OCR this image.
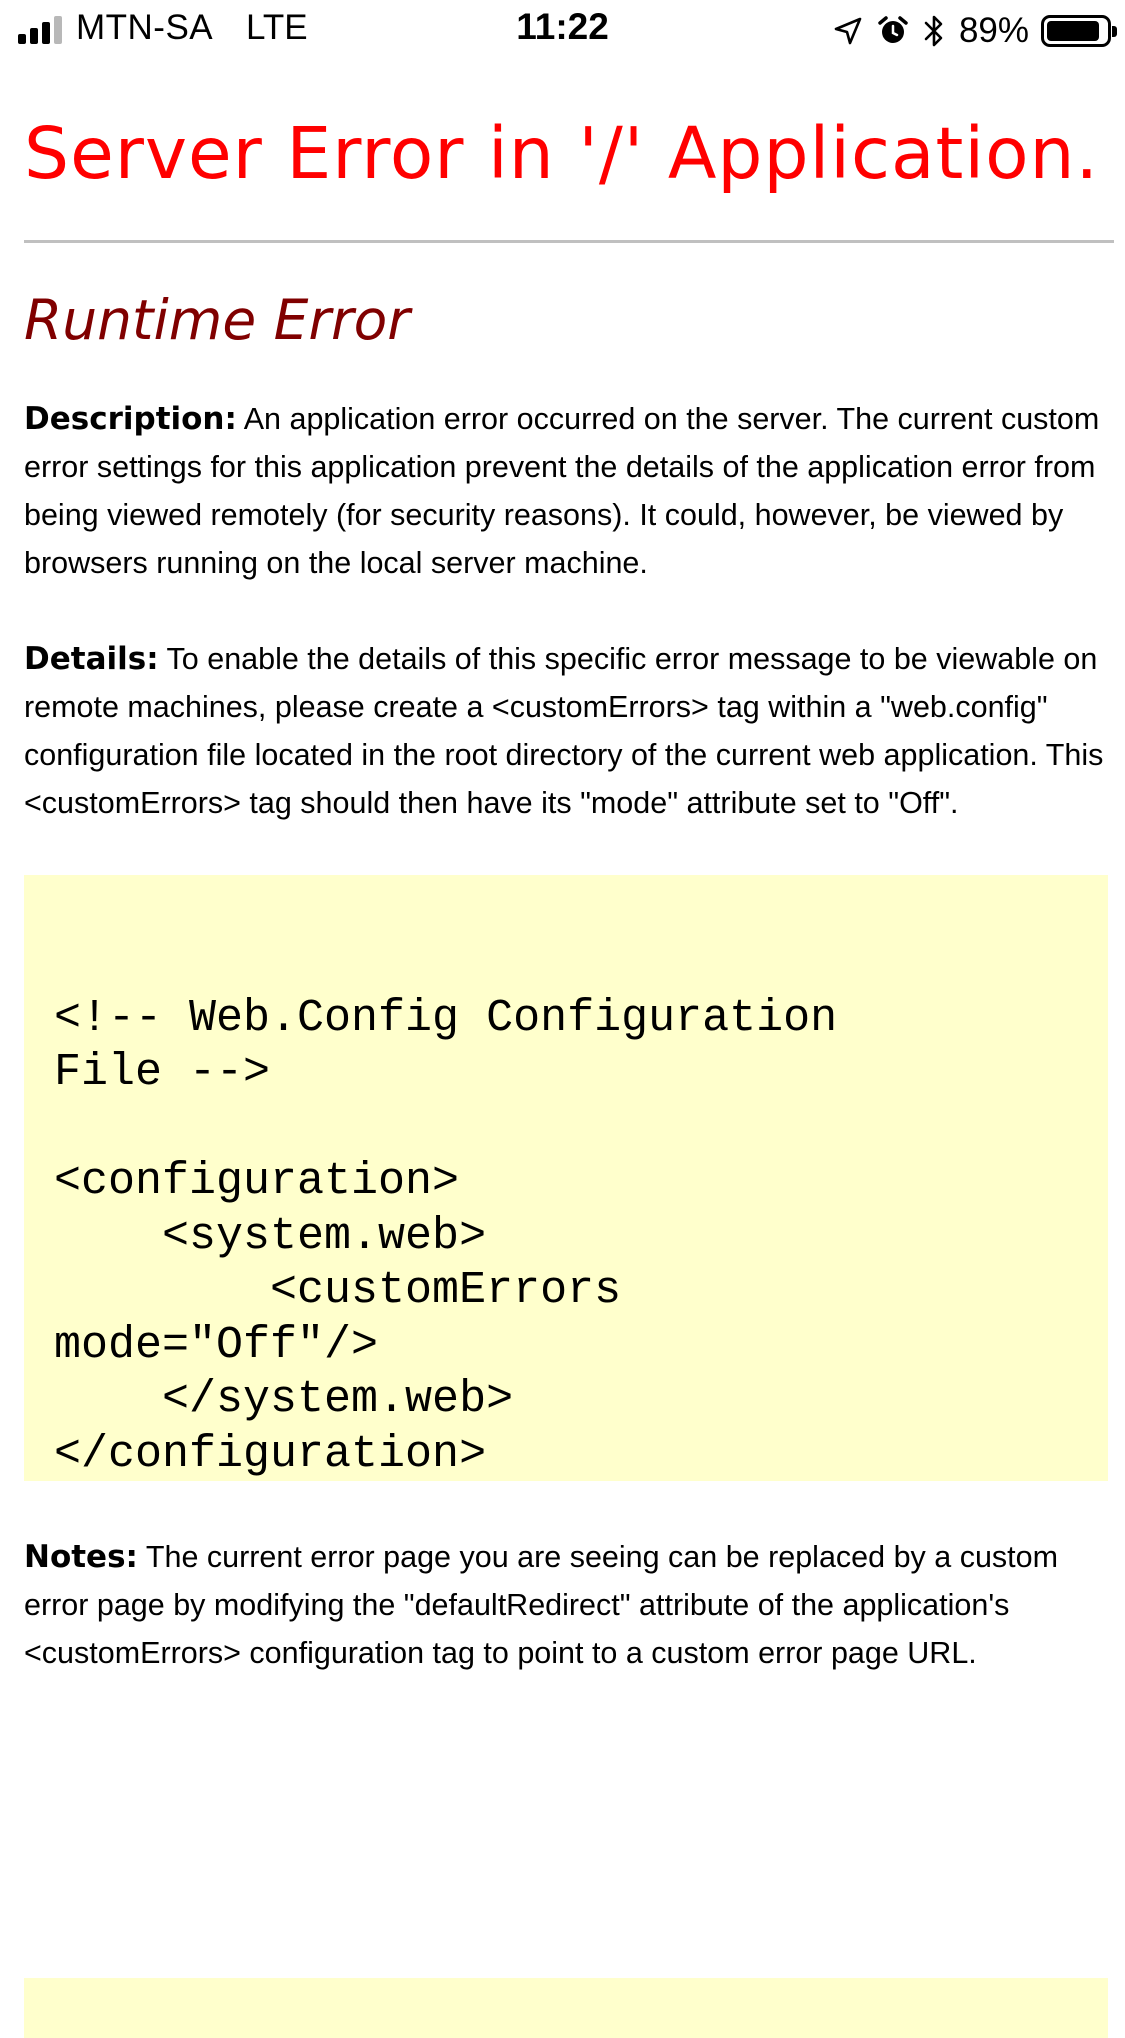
MTN-SA LTE	11:22	89%
Server Error in '/' Application.
Runtime Error

Description: An application error occurred on the server. The current custom error settings for this application prevent the details of the application error from being viewed remotely (for security reasons). It could, however, be viewed by browsers running on the local server machine.

Details: To enable the details of this specific error message to be viewable on remote machines, please create a <customErrors> tag within a "web.config" configuration file located in the root directory of the current web application. This <customErrors> tag should then have its "mode" attribute set to "Off".

<!-- Web.Config Configuration
File -->

<configuration>
<system.web>
<customErrors
mode="Off"/>
</system.web>
</configuration>

Notes: The current error page you are seeing can be replaced by a custom error page by modifying the "defaultRedirect" attribute of the application's <customErrors> configuration tag to point to a custom error page URL.
